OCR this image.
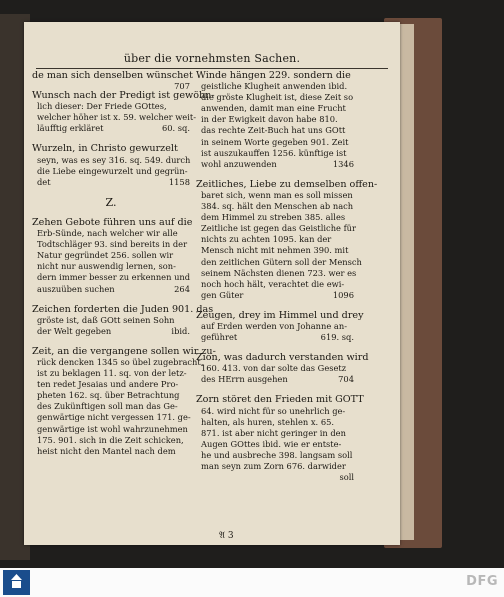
über die vornehmsten Sachen.
de man sich denselben wünschet
707
Wunsch nach der Predigt ist gewöhn-
lich dieser: Der Friede GOttes,
welcher höher ist x. 59. welcher weit-
60. sq.
läufftig erkläret
Wurzeln, in Christo gewurzelt
seyn, was es sey 316. sq. 549. durch
die Liebe eingewurzelt und gegrün-
1158
det
Z.
Zehen Gebote führen uns auf die
Erb-Sünde, nach welcher wir alle
Todtschläger 93. sind bereits in der
Natur gegründet 256. sollen wir
nicht nur auswendig lernen, son-
dern immer besser zu erkennen und
264
auszuüben suchen
Zeichen forderten die Juden 901. das
gröste ist, daß GOtt seinen Sohn
ibid.
der Welt gegeben
Zeit, an die vergangene sollen wir zu-
rück dencken 1345 so übel zugebracht,
ist zu beklagen 11. sq. von der letz-
ten redet Jesaias und andere Pro-
pheten 162. sq. über Betrachtung
des Zukünftigen soll man das Ge-
genwärtige nicht vergessen 171. ge-
genwärtige ist wohl wahrzunehmen
175. 901. sich in die Zeit schicken,
heist nicht den Mantel nach dem
Winde hängen 229. sondern die
geistliche Klugheit anwenden ibid.
die gröste Klugheit ist, diese Zeit so
anwenden, damit man eine Frucht
in der Ewigkeit davon habe 810.
das rechte Zeit-Buch hat uns GOtt
in seinem Worte gegeben 901. Zeit
ist auszukauffen 1256. künftige ist
1346
wohl anzuwenden
Zeitliches, Liebe zu demselben offen-
baret sich, wenn man es soll missen
384. sq. hält den Menschen ab nach
dem Himmel zu streben 385. alles
Zeitliche ist gegen das Geistliche für
nichts zu achten 1095. kan der
Mensch nicht mit nehmen 390. mit
den zeitlichen Gütern soll der Mensch
seinem Nächsten dienen 723. wer es
noch hoch hält, verachtet die ewi-
1096
gen Güter
Zeugen, drey im Himmel und drey
auf Erden werden von Johanne an-
619. sq.
geführet
Zion, was dadurch verstanden wird
160. 413. von dar solte das Gesetz
704
des HErrn ausgehen
Zorn störet den Frieden mit GOTT
64. wird nicht für so unehrlich ge-
halten, als huren, stehlen x. 65.
871. ist aber nicht geringer in den
Augen GOttes ibid. wie er entste-
he und ausbreche 398. langsam soll
man seyn zum Zorn 676. darwider
soll
𝔄 3
DFG
